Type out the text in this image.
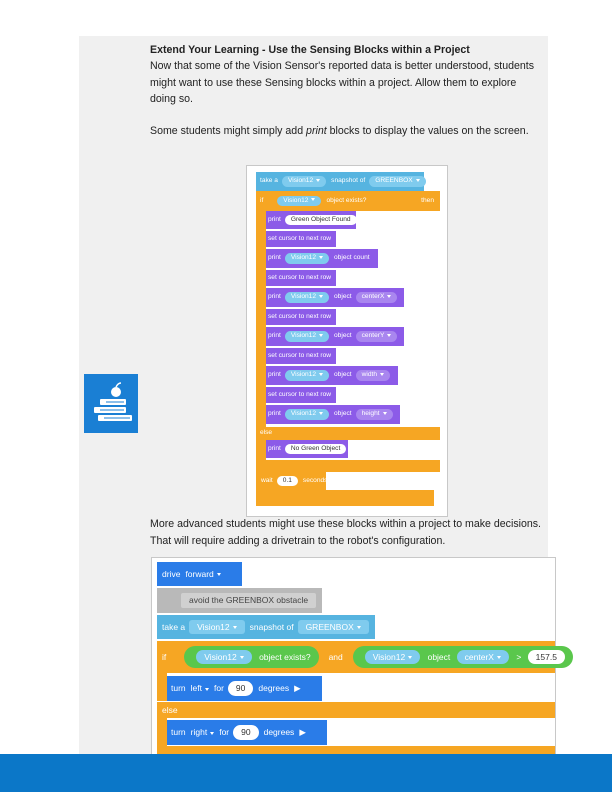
Extend Your Learning - Use the Sensing Blocks within a Project
Now that some of the Vision Sensor's reported data is better understood, students might want to use these Sensing blocks within a project. Allow them to explore doing so.
Some students might simply add print blocks to display the values on the screen.
if	Vision12	object exists?	then
else
wait	0.1	seconds
take a	Vision12	snapshot of	GREENBOX
print	Green Object Found
set cursor to next row
print	Vision12	object count
set cursor to next row
print	Vision12	object	centerX
set cursor to next row
print	Vision12	object	centerY
set cursor to next row
print	Vision12	object	width
set cursor to next row
print	Vision12	object	height
print	No Green Object
More advanced students might use these blocks within a project to make decisions. That will require adding a drivetrain to the robot's configuration.
drive forward
avoid the GREENBOX obstacle
take a	Vision12	snapshot of	GREENBOX
if	Vision12	object exists?	and	Vision12	object centerX	> 157.5
turn left	for	90	degrees ▶
else
turn right	for	90	degrees ▶
